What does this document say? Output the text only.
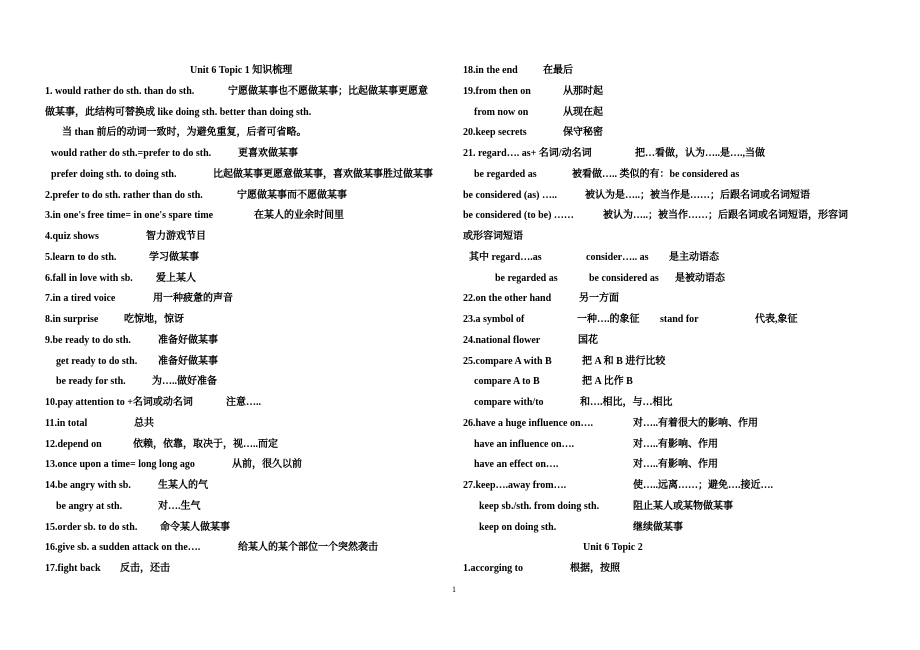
Unit 6 Topic 1 知识梳理
1. would rather do sth. than do sth.	宁愿做某事也不愿做某事；比起做某事更愿意
做某事，此结构可替换成 like doing sth. better than doing sth.
当 than 前后的动词一致时，为避免重复，后者可省略。
would rather do sth.=prefer to do sth.	更喜欢做某事
prefer doing sth. to doing sth.	比起做某事更愿意做某事，喜欢做某事胜过做某事
2.prefer to do sth. rather than do sth.	宁愿做某事而不愿做某事
3.in one's free time= in one's spare time	在某人的业余时间里
4.quiz shows	智力游戏节目
5.learn to do sth.	学习做某事
6.fall in love with sb. 爱上某人
7.in a tired voice	用一种疲惫的声音
8.in surprise	吃惊地，惊讶
9.be ready to do sth.	准备好做某事
get ready to do sth. 准备好做某事
be ready for sth.	为…..做好准备
10.pay attention to +名词或动名词	注意…..
11.in total	总共
12.depend on	依赖，依靠，取决于，视…..而定
13.once upon a time= long long ago	从前，很久以前
14.be angry with sb.	生某人的气
be angry at sth.	对….生气
15.order sb. to do sth. 命令某人做某事
16.give sb. a sudden attack on the….	给某人的某个部位一个突然袭击
17.fight back 反击，还击
18.in the end	在最后
19.from then on	从那时起
from now on	从现在起
20.keep secrets	保守秘密
21. regard…. as+ 名词/动名词	把…看做，认为…..是….,当做
be regarded as	被看做….. 类似的有：be considered as
be considered (as) …..	被认为是…..；被当作是……；后跟名词或名词短语
be considered (to be) ……	被认为…..；被当作……；后跟名词或名词短语，形容词
或形容词短语
其中 regard….as	consider….. as 是主动语态
be regarded as	be considered as 是被动语态
22.on the other hand	另一方面
23.a symbol of	一种….的象征 stand for	代表,象征
24.national flower	国花
25.compare A with B	把 A 和 B 进行比较
compare A to B	把 A 比作 B
compare with/to	和….相比，与…相比
26.have a huge influence on….	对…..有着很大的影响、作用
have an influence on….	对…..有影响、作用
have an effect on….	对…..有影响、作用
27.keep….away from….	使…..远离……；避免….接近….
keep sb./sth. from doing sth.	阻止某人或某物做某事
keep on doing sth.	继续做某事
Unit 6 Topic 2
1.accorging to	根据，按照
1
